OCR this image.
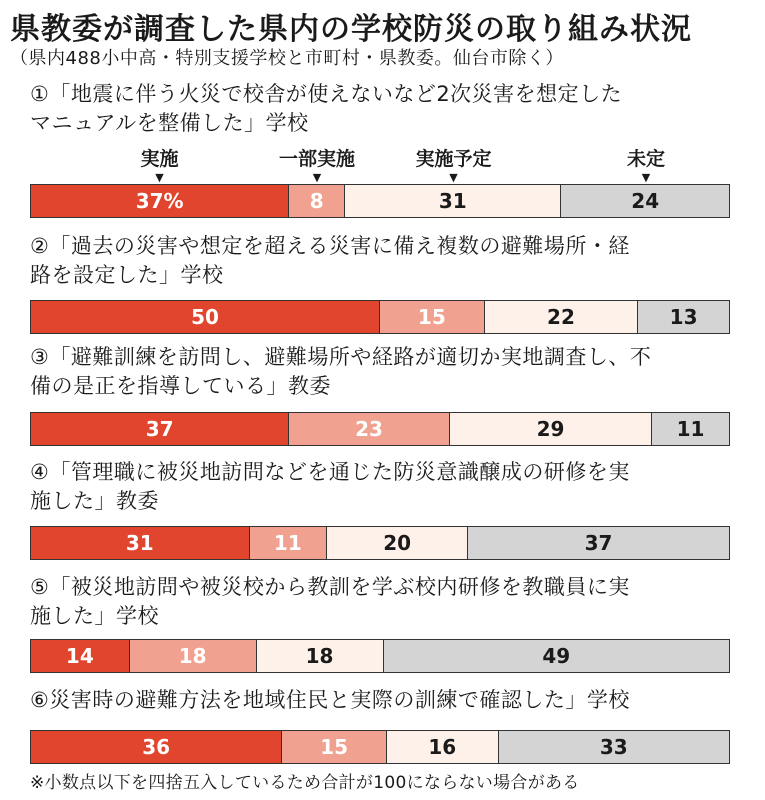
県教委が調査した県内の学校防災の取り組み状況
（県内488小中高・特別支援学校と市町村・県教委。仙台市除く）
実施
▼
一部実施
▼
実施予定
▼
未定
▼
①「地震に伴う火災で校舎が使えないなど2次災害を想定した
マニュアルを整備した」学校
37%	8	31	24
②「過去の災害や想定を超える災害に備え複数の避難場所・経
路を設定した」学校
50	15	22	13
③「避難訓練を訪問し、避難場所や経路が適切か実地調査し、不
備の是正を指導している」教委
37	23	29	11
④「管理職に被災地訪問などを通じた防災意識醸成の研修を実
施した」教委
31	11	20	37
⑤「被災地訪問や被災校から教訓を学ぶ校内研修を教職員に実
施した」学校
14	18	18	49
⑥災害時の避難方法を地域住民と実際の訓練で確認した」学校
36	15	16	33
※小数点以下を四捨五入しているため合計が100にならない場合がある
